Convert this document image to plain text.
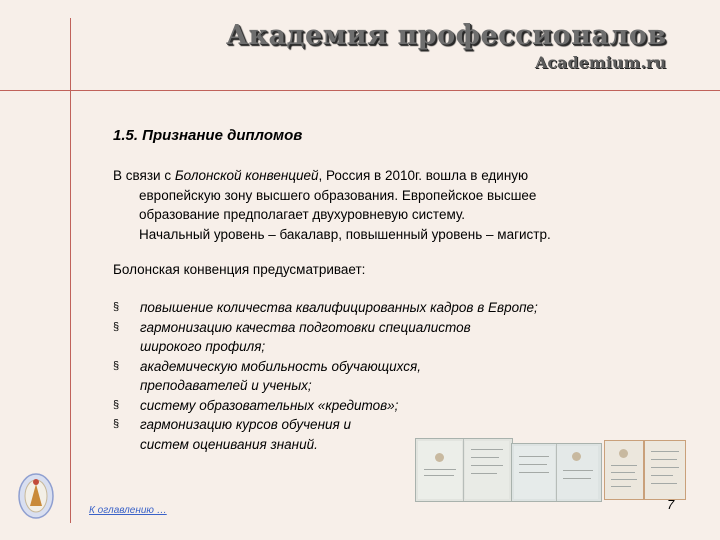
Академия профессионалов
Academium.ru
1.5. Признание дипломов
В связи с Болонской конвенцией, Россия в 2010г. вошла в единую
европейскую зону высшего образования. Европейское высшее
образование предполагает двухуровневую систему.
Начальный уровень – бакалавр, повышенный уровень – магистр.
Болонская конвенция предусматривает:
§ повышение количества квалифицированных кадров в Европе;
§ гармонизацию качества подготовки специалистов
широкого профиля;
§ академическую мобильность обучающихся,
преподавателей и ученых;
§ систему образовательных «кредитов»;
§ гармонизацию курсов обучения и
систем оценивания знаний.
К оглавлению …	7
